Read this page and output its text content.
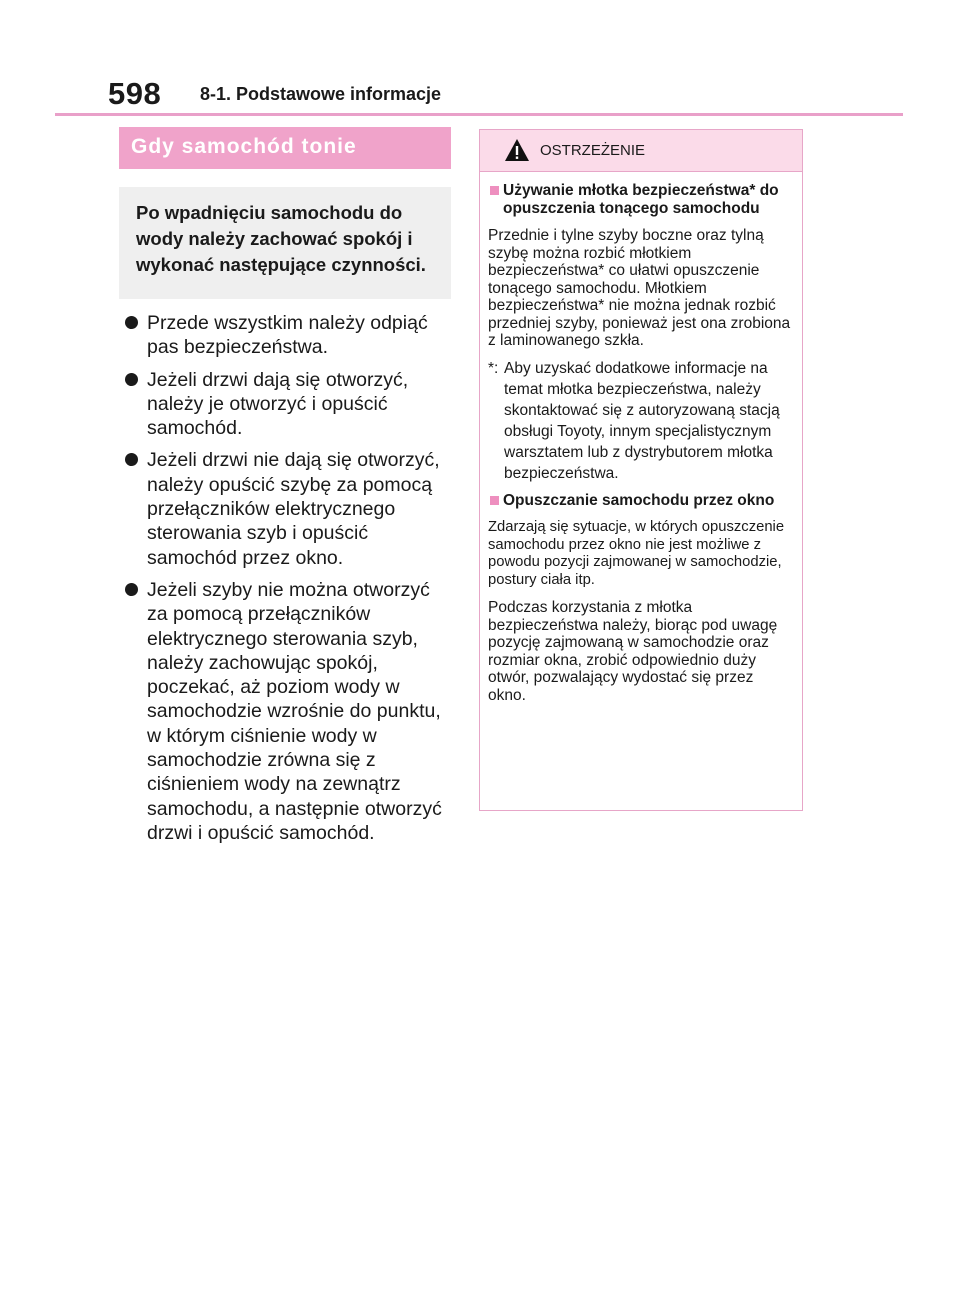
598 8-1. Podstawowe informacje
Gdy samochód tonie
Po wpadnięciu samochodu do wody należy zachować spokój i wykonać następujące czynności.
Przede wszystkim należy odpiąć pas bezpieczeństwa.
Jeżeli drzwi dają się otworzyć, należy je otworzyć i opuścić samochód.
Jeżeli drzwi nie dają się otworzyć, należy opuścić szybę za pomocą przełączników elektrycznego sterowania szyb i opuścić samochód przez okno.
Jeżeli szyby nie można otworzyć za pomocą przełączników elektrycznego sterowania szyb, należy zachowując spokój, poczekać, aż poziom wody w samochodzie wzrośnie do punktu, w którym ciśnienie wody w samochodzie zrówna się z ciśnieniem wody na zewnątrz samochodu, a następnie otworzyć drzwi i opuścić samochód.
OSTRZEŻENIE
Używanie młotka bezpieczeństwa* do opuszczenia tonącego samochodu
Przednie i tylne szyby boczne oraz tylną szybę można rozbić młotkiem bezpieczeństwa* co ułatwi opuszczenie tonącego samochodu. Młotkiem bezpieczeństwa* nie można jednak rozbić przedniej szyby, ponieważ jest ona zrobiona z laminowanego szkła.
*: Aby uzyskać dodatkowe informacje na temat młotka bezpieczeństwa, należy skontaktować się z autoryzowaną stacją obsługi Toyoty, innym specjalistycznym warsztatem lub z dystrybutorem młotka bezpieczeństwa.
Opuszczanie samochodu przez okno
Zdarzają się sytuacje, w których opuszczenie samochodu przez okno nie jest możliwe z powodu pozycji zajmowanej w samochodzie, postury ciała itp.
Podczas korzystania z młotka bezpieczeństwa należy, biorąc pod uwagę pozycję zajmowaną w samochodzie oraz rozmiar okna, zrobić odpowiednio duży otwór, pozwalający wydostać się przez okno.
